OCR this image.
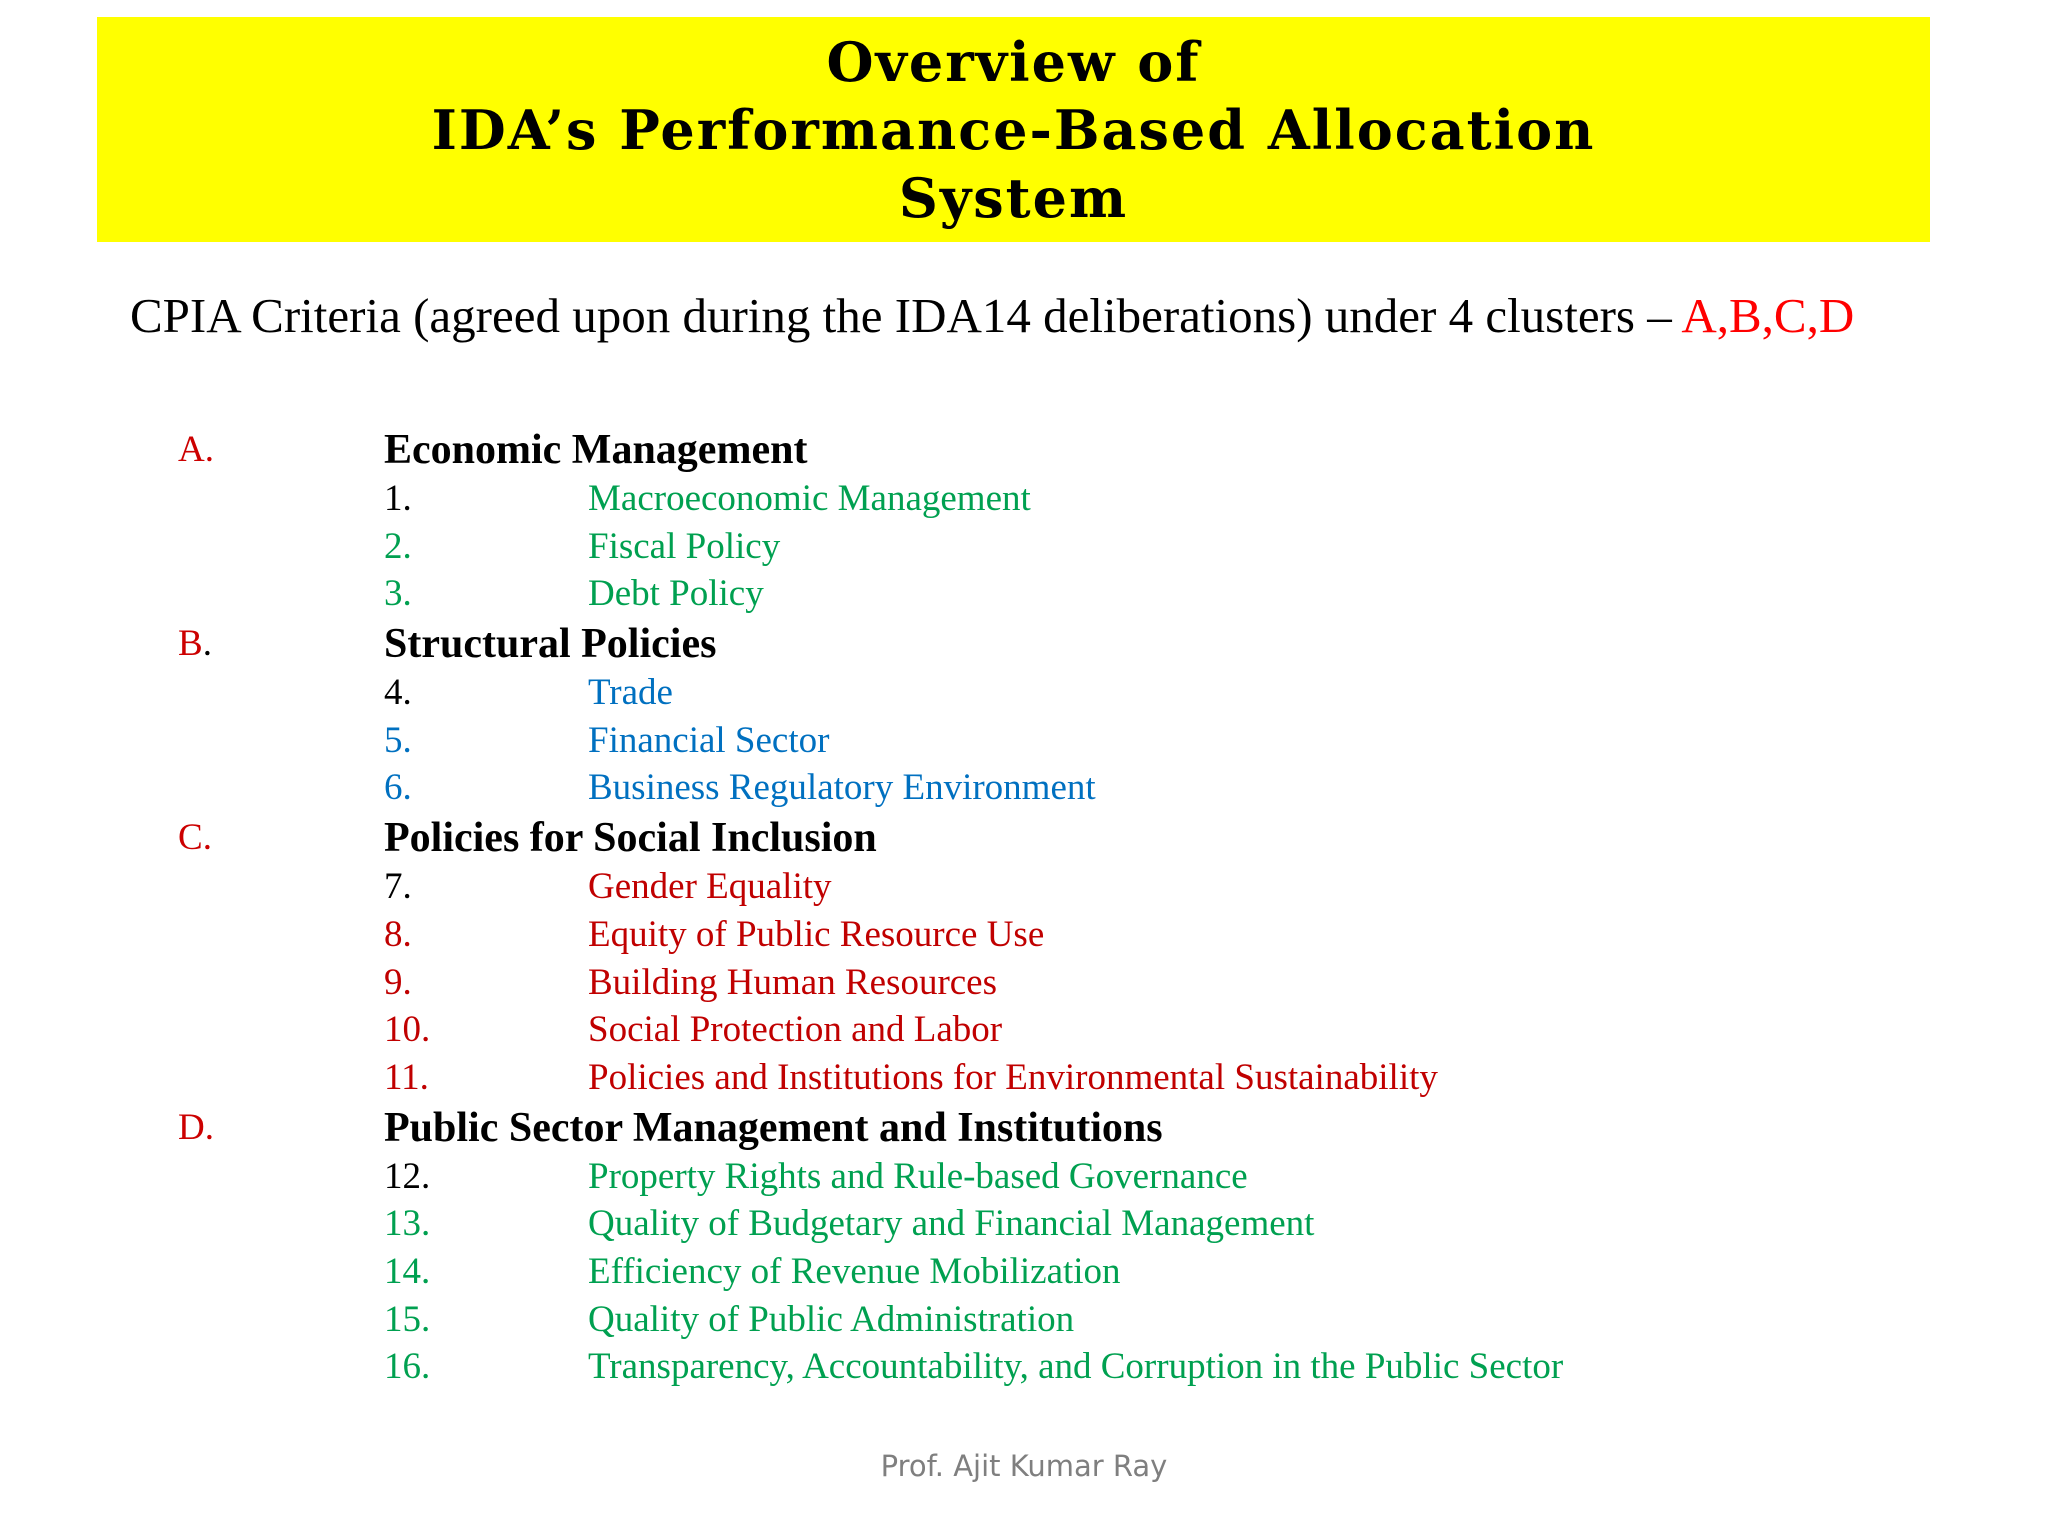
Overview of
IDA’s Performance-Based Allocation
System
CPIA Criteria (agreed upon during the IDA14 deliberations) under 4 clusters – A,B,C,D
A.	Economic Management
1.	Macroeconomic Management
2.	Fiscal Policy
3.	Debt Policy
B.	Structural Policies
4.	Trade
5.	Financial Sector
6.	Business Regulatory Environment
C.	Policies for Social Inclusion
7.	Gender Equality
8.	Equity of Public Resource Use
9.	Building Human Resources
10.	Social Protection and Labor
11.	Policies and Institutions for Environmental Sustainability
D.	Public Sector Management and Institutions
12.	Property Rights and Rule-based Governance
13.	Quality of Budgetary and Financial Management
14.	Efficiency of Revenue Mobilization
15.	Quality of Public Administration
16.	Transparency, Accountability, and Corruption in the Public Sector
Prof. Ajit Kumar Ray
